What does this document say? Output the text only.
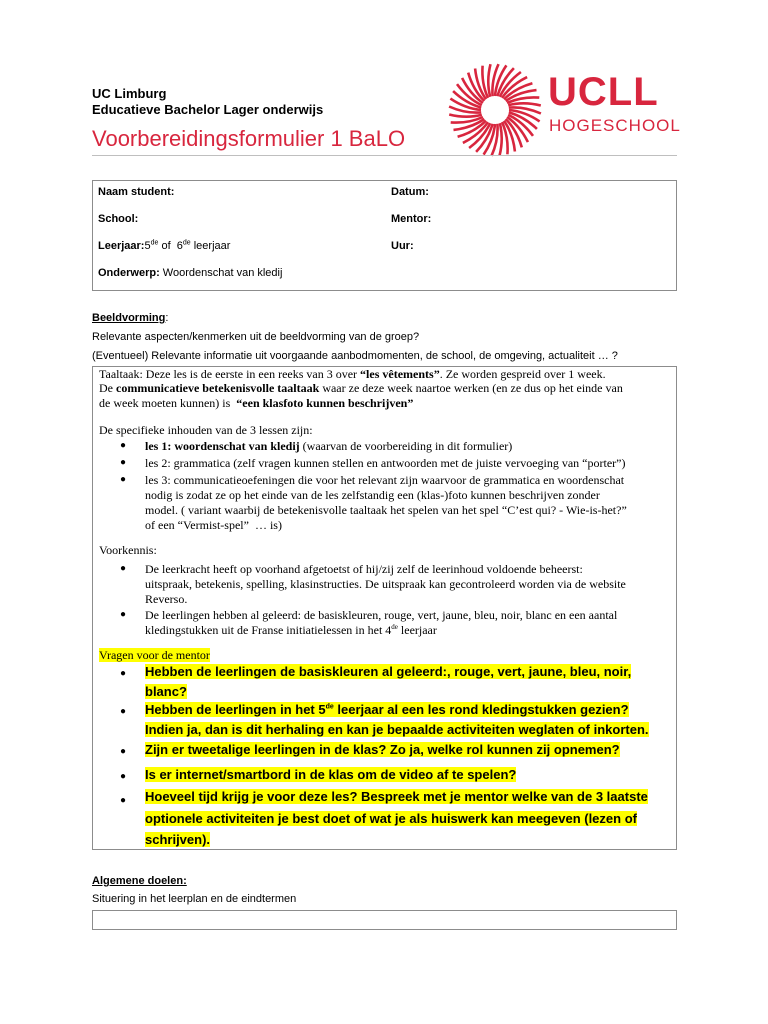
UC Limburg
Educatieve Bachelor Lager onderwijs
Voorbereidingsformulier 1 BaLO
UCLL
HOGESCHOOL
Naam student:	Datum:
School:	Mentor:
Leerjaar:5de of  6de leerjaar	Uur:
Onderwerp: Woordenschat van kledij
Beeldvorming:
Relevante aspecten/kenmerken uit de beeldvorming van de groep?
(Eventueel) Relevante informatie uit voorgaande aanbodmomenten, de school, de omgeving, actualiteit … ?
Taaltaak: Deze les is de eerste in een reeks van 3 over “les vêtements”. Ze worden gespreid over 1 week.
De communicatieve betekenisvolle taaltaak waar ze deze week naartoe werken (en ze dus op het einde van
de week moeten kunnen) is  “een klasfoto kunnen beschrijven”
De specifieke inhouden van de 3 lessen zijn:
● les 1: woordenschat van kledij (waarvan de voorbereiding in dit formulier)
● les 2: grammatica (zelf vragen kunnen stellen en antwoorden met de juiste vervoeging van “porter”)
● les 3: communicatieoefeningen die voor het relevant zijn waarvoor de grammatica en woordenschat
nodig is zodat ze op het einde van de les zelfstandig een (klas-)foto kunnen beschrijven zonder
model. ( variant waarbij de betekenisvolle taaltaak het spelen van het spel “C’est qui? - Wie-is-het?”
of een “Vermist-spel”  … is)
Voorkennis:
● De leerkracht heeft op voorhand afgetoetst of hij/zij zelf de leerinhoud voldoende beheerst:
uitspraak, betekenis, spelling, klasinstructies. De uitspraak kan gecontroleerd worden via de website
Reverso.
● De leerlingen hebben al geleerd: de basiskleuren, rouge, vert, jaune, bleu, noir, blanc en een aantal
kledingstukken uit de Franse initiatielessen in het 4de leerjaar
Vragen voor de mentor
● Hebben de leerlingen de basiskleuren al geleerd:, rouge, vert, jaune, bleu, noir,
blanc?
● Hebben de leerlingen in het 5de leerjaar al een les rond kledingstukken gezien?
Indien ja, dan is dit herhaling en kan je bepaalde activiteiten weglaten of inkorten.
● Zijn er tweetalige leerlingen in de klas? Zo ja, welke rol kunnen zij opnemen?
● Is er internet/smartbord in de klas om de video af te spelen?
● Hoeveel tijd krijg je voor deze les? Bespreek met je mentor welke van de 3 laatste
optionele activiteiten je best doet of wat je als huiswerk kan meegeven (lezen of
schrijven).
Algemene doelen:
Situering in het leerplan en de eindtermen
